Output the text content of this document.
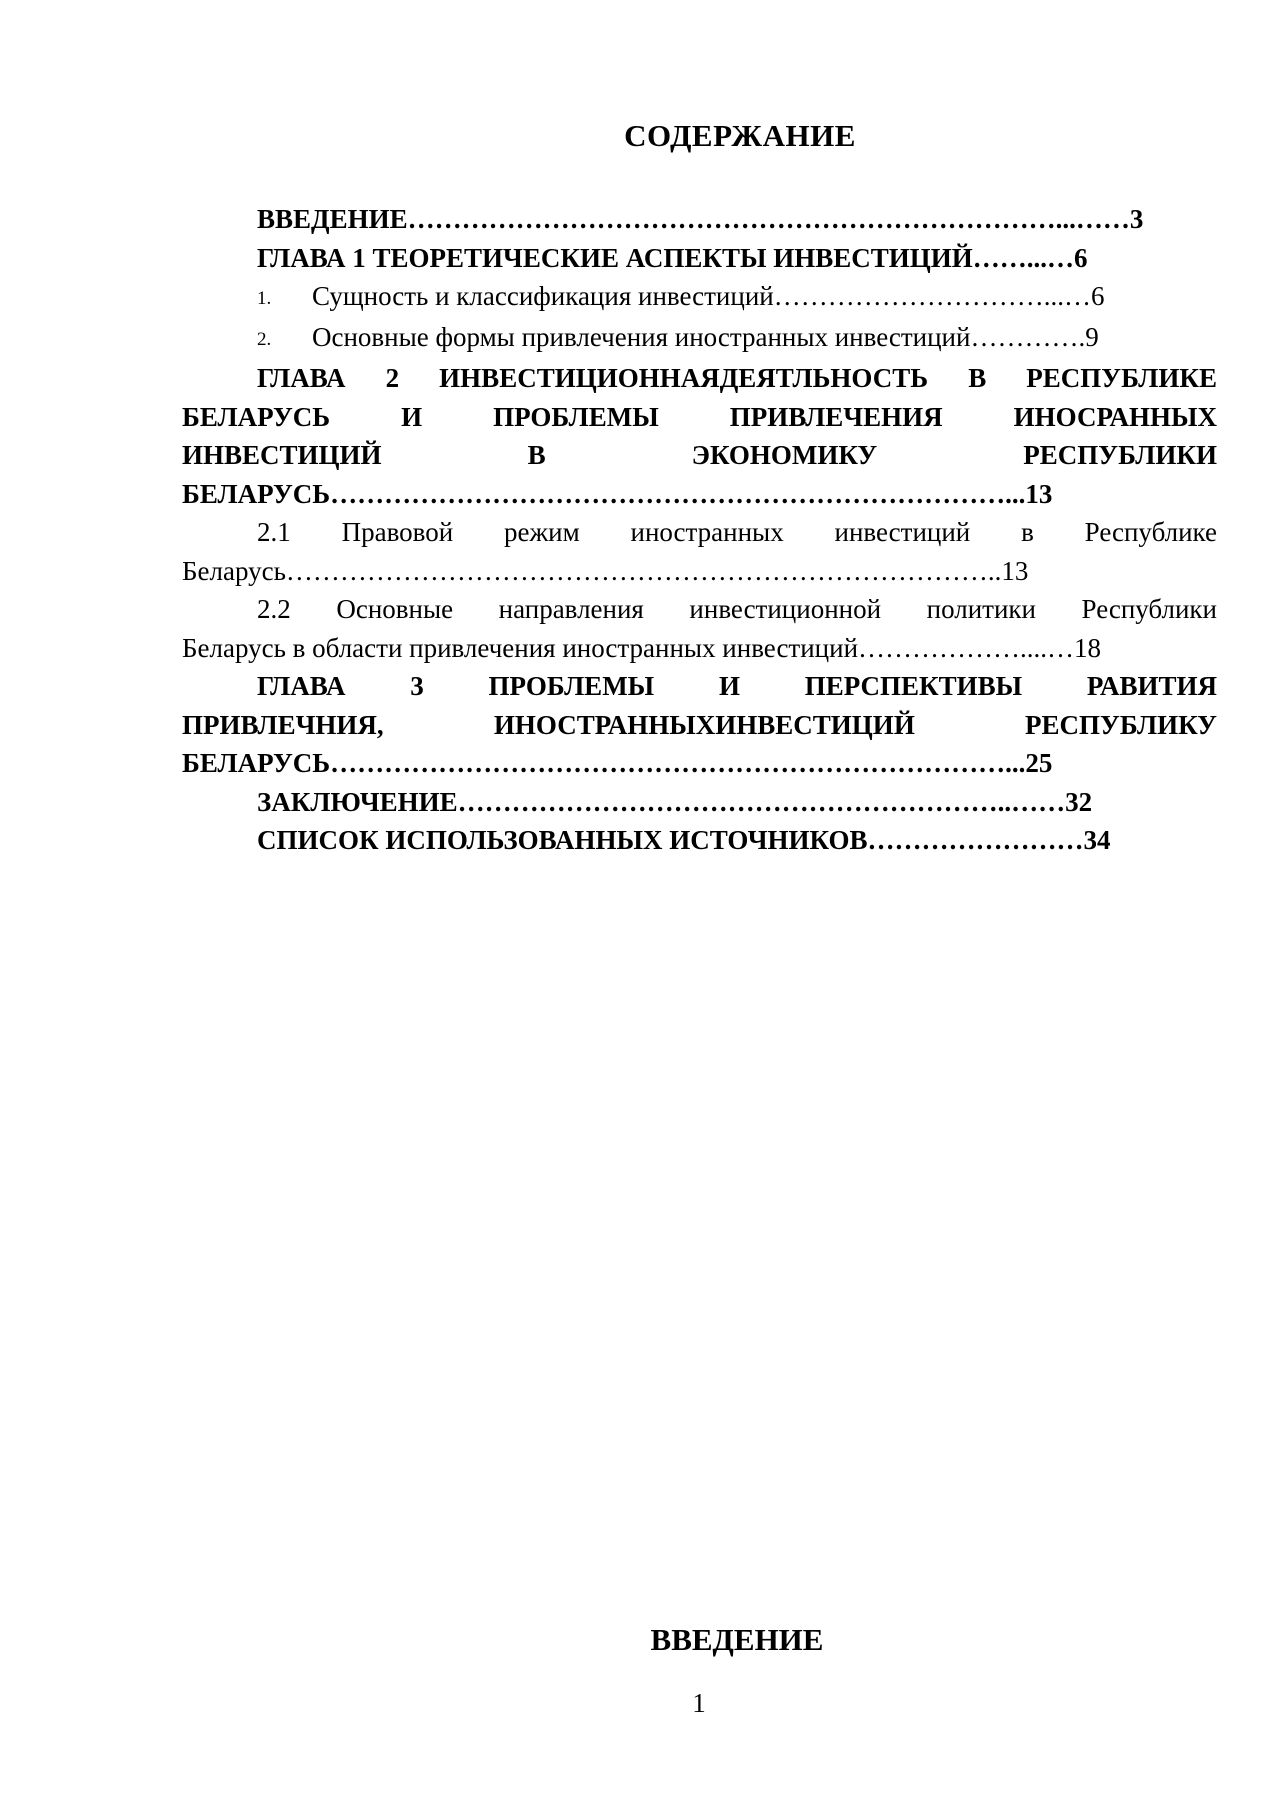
СОДЕРЖАНИЕ
ВВЕДЕНИЕ………………………………………………………………...……3
ГЛАВА 1 ТЕОРЕТИЧЕСКИЕ АСПЕКТЫ ИНВЕСТИЦИЙ……...…6
1. Сущность и классификация инвестиций…………………………...…6
2. Основные формы привлечения иностранных инвестиций………….9
ГЛАВА 2 ИНВЕСТИЦИОННАЯДЕЯТЛЬНОСТЬ В РЕСПУБЛИКЕ
БЕЛАРУСЬ И ПРОБЛЕМЫ ПРИВЛЕЧЕНИЯ ИНОСРАННЫХ
ИНВЕСТИЦИЙ В ЭКОНОМИКУ РЕСПУБЛИКИ
БЕЛАРУСЬ…………………………………………………………………...13
2.1 Правовой режим иностранных инвестиций в Республике
Беларусь……………………………………………………………………..13
2.2 Основные направления инвестиционной политики Республики
Беларусь в области привлечения иностранных инвестиций………………....…18
ГЛАВА 3 ПРОБЛЕМЫ И ПЕРСПЕКТИВЫ РАВИТИЯ
ПРИВЛЕЧНИЯ, ИНОСТРАННЫХИНВЕСТИЦИЙ РЕСПУБЛИКУ
БЕЛАРУСЬ…………………………………………………………………...25
ЗАКЛЮЧЕНИЕ……………………………………………………..……32
СПИСОК ИСПОЛЬЗОВАННЫХ ИСТОЧНИКОВ……………………34
ВВЕДЕНИЕ
1
